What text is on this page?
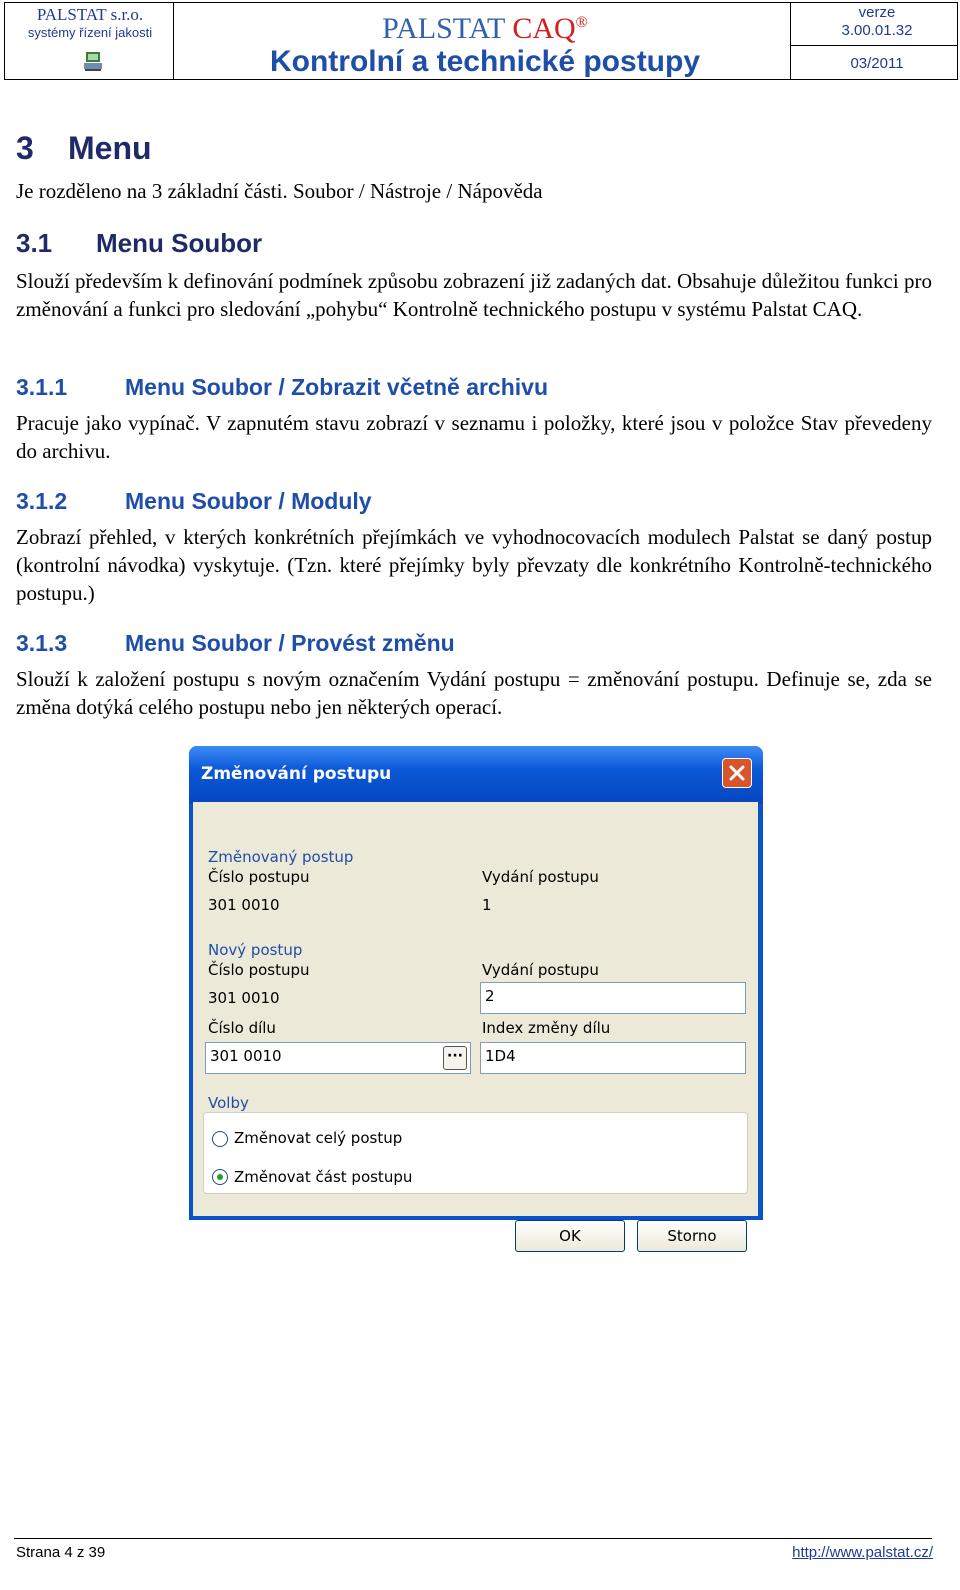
PALSTAT s.r.o.
systémy řízení jakosti	PALSTAT CAQ®
Kontrolní a technické postupy
verze
3.00.01.32
03/2011
3 Menu
Je rozděleno na 3 základní části. Soubor / Nástroje / Nápověda
3.1 Menu Soubor
Slouží především k definování podmínek způsobu zobrazení již zadaných dat. Obsahuje důležitou funkci pro změnování a funkci pro sledování „pohybu“ Kontrolně technického postupu v systému Palstat CAQ.
3.1.1	Menu Soubor / Zobrazit včetně archivu
Pracuje jako vypínač. V zapnutém stavu zobrazí v seznamu i položky, které jsou v položce Stav převedeny do archivu.
3.1.2	Menu Soubor / Moduly
Zobrazí přehled, v kterých konkrétních přejímkách ve vyhodnocovacích modulech Palstat se daný postup (kontrolní návodka) vyskytuje. (Tzn. které přejímky byly převzaty dle konkrétního Kontrolně-technického postupu.)
3.1.3	Menu Soubor / Provést změnu
Slouží k založení postupu s novým označením Vydání postupu = změnování postupu. Definuje se, zda se změna dotýká celého postupu nebo jen některých operací.
Změnování postupu
Změnovaný postup
Číslo postupu
301 0010
Vydání postupu
1
Nový postup
Číslo postupu
301 0010
Vydání postupu
2
Číslo dílu
301 0010	···
Index změny dílu
1D4
Volby
Změnovat celý postup
Změnovat část postupu
OK	Storno
Strana 4 z 39	http://www.palstat.cz/
